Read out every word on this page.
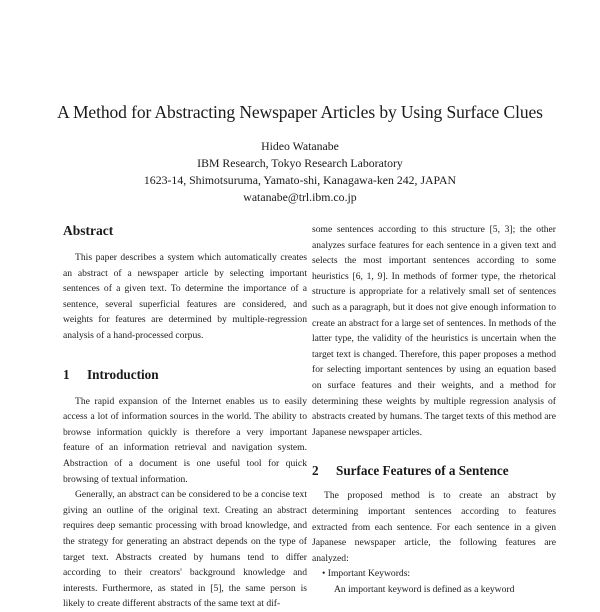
A Method for Abstracting Newspaper Articles by Using Surface Clues
Hideo Watanabe
IBM Research, Tokyo Research Laboratory
1623-14, Shimotsuruma, Yamato-shi, Kanagawa-ken 242, JAPAN
watanabe@trl.ibm.co.jp
Abstract

This paper describes a system which automatically creates an abstract of a newspaper article by selecting important sentences of a given text. To determine the importance of a sentence, several superficial features are considered, and weights for features are determined by multiple-regression analysis of a hand-processed corpus.

1 Introduction

The rapid expansion of the Internet enables us to easily access a lot of information sources in the world. The ability to browse information quickly is therefore a very important feature of an information retrieval and navigation system. Abstraction of a document is one useful tool for quick browsing of textual information.

Generally, an abstract can be considered to be a concise text giving an outline of the original text. Creating an abstract requires deep semantic processing with broad knowledge, and the strategy for generating an abstract depends on the type of target text. Abstracts created by humans tend to differ according to their creators' background knowledge and interests. Furthermore, as stated in [5], the same person is likely to create different abstracts of the same text at dif-

some sentences according to this structure [5, 3]; the other analyzes surface features for each sentence in a given text and selects the most important sentences according to some heuristics [6, 1, 9]. In methods of former type, the rhetorical structure is appropriate for a relatively small set of sentences such as a paragraph, but it does not give enough information to create an abstract for a large set of sentences. In methods of the latter type, the validity of the heuristics is uncertain when the target text is changed. Therefore, this paper proposes a method for selecting important sentences by using an equation based on surface features and their weights, and a method for determining these weights by multiple regression analysis of abstracts created by humans. The target texts of this method are Japanese newspaper articles.

2	Surface Features of a Sentence

The proposed method is to create an abstract by determining important sentences according to features extracted from each sentence. For each sentence in a given Japanese newspaper article, the following features are analyzed:

• Important Keywords:

An important keyword is defined as a keyword
